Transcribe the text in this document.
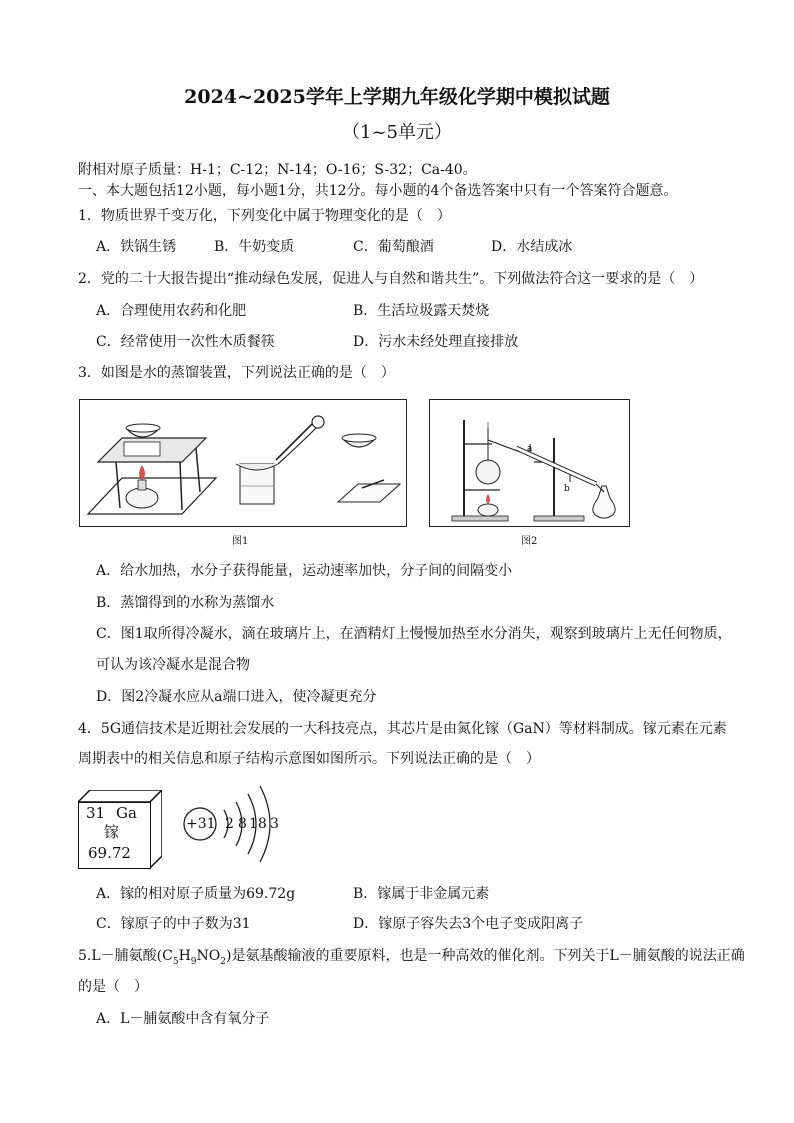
2024~2025学年上学期九年级化学期中模拟试题
（1~5单元）
附相对原子质量：H-1；C-12；N-14；O-16；S-32；Ca-40。
一、本大题包括12小题，每小题1分，共12分。每小题的4个备选答案中只有一个答案符合题意。
1．物质世界千变万化，下列变化中属于物理变化的是（　）
A．铁锅生锈	B．牛奶变质	C．葡萄酿酒	D．水结成冰
2．党的二十大报告提出“推动绿色发展，促进人与自然和谐共生”。下列做法符合这一要求的是（　）
A．合理使用农药和化肥	B．生活垃圾露天焚烧
C．经常使用一次性木质餐筷	D．污水未经处理直接排放
3．如图是水的蒸馏装置，下列说法正确的是（　）
图1
a
b
图2
A．给水加热，水分子获得能量，运动速率加快，分子间的间隔变小
B．蒸馏得到的水称为蒸馏水
C．图1取所得冷凝水，滴在玻璃片上，在酒精灯上慢慢加热至水分消失，观察到玻璃片上无任何物质，
可认为该冷凝水是混合物
D．图2冷凝水应从a端口进入，使冷凝更充分
4．5G通信技术是近期社会发展的一大科技亮点，其芯片是由氮化镓（GaN）等材料制成。镓元素在元素
周期表中的相关信息和原子结构示意图如图所示。下列说法正确的是（　）
31 Ga
镓
69.72
+31 2 8 18 3
A．镓的相对原子质量为69.72g	B．镓属于非金属元素
C．镓原子的中子数为31	D．镓原子容失去3个电子变成阳离子
5.L－脯氨酸$(C_5H_9NO_2)$是氨基酸输液的重要原料，也是一种高效的催化剂。下列关于L－脯氨酸的说法正确
的是（　）
A．L－脯氨酸中含有氧分子
